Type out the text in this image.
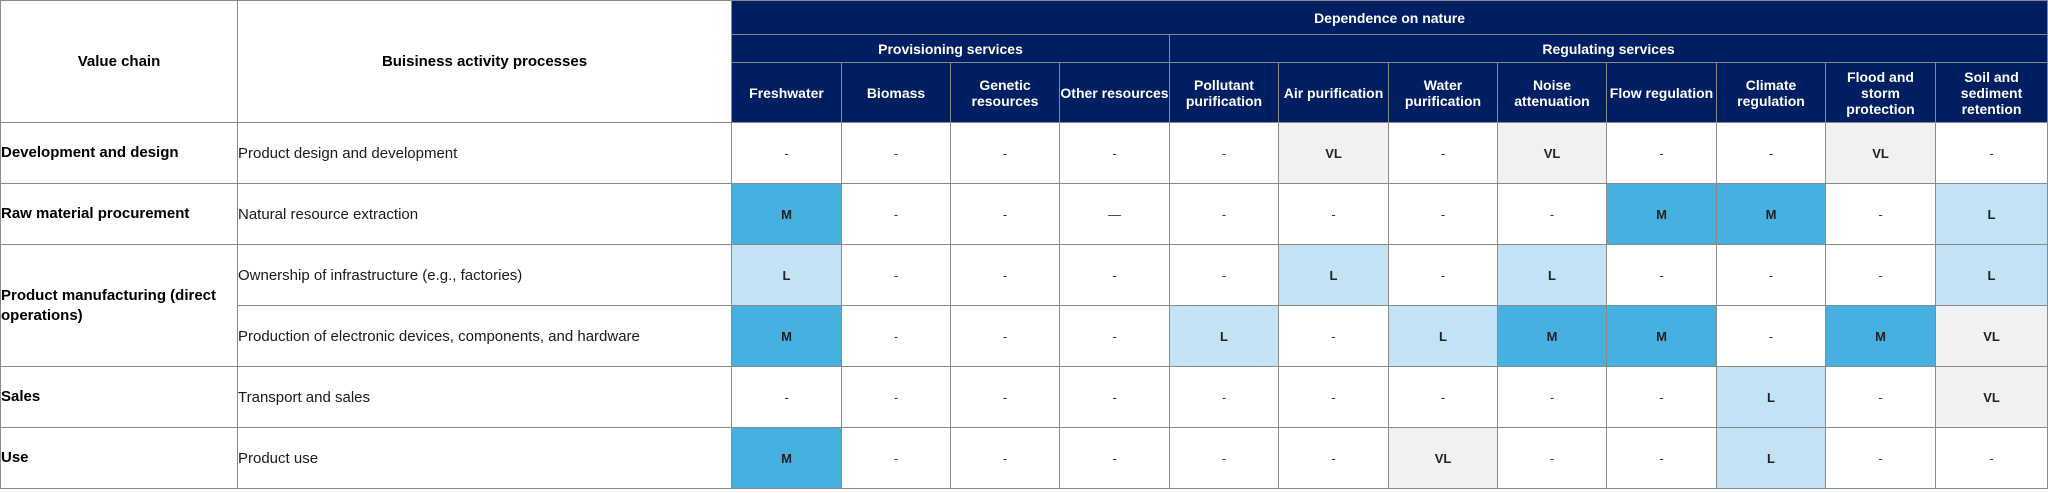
Value chain	Buisiness activity processes	Dependence on nature											
		Provisioning services				Regulating services							
		Freshwater	Biomass	Genetic resources	Other resources	Pollutant purification	Air purification	Water purification	Noise attenuation	Flow regulation	Climate regulation	Flood and storm protection	Soil and sediment retention
Development and design	Product design and development	-	-	-	-	-	VL	-	VL	-	-	VL	-
Raw material procurement	Natural resource extraction	M	-	-	—	-	-	-	-	M	M	-	L
Product manufacturing (direct operations)	Ownership of infrastructure (e.g., factories)	L	-	-	-	-	L	-	L	-	-	-	L
	Production of electronic devices, components, and hardware	M	-	-	-	L	-	L	M	M	-	M	VL
Sales	Transport and sales	-	-	-	-	-	-	-	-	-	L	-	VL
Use	Product use	M	-	-	-	-	-	VL	-	-	L	-	-
